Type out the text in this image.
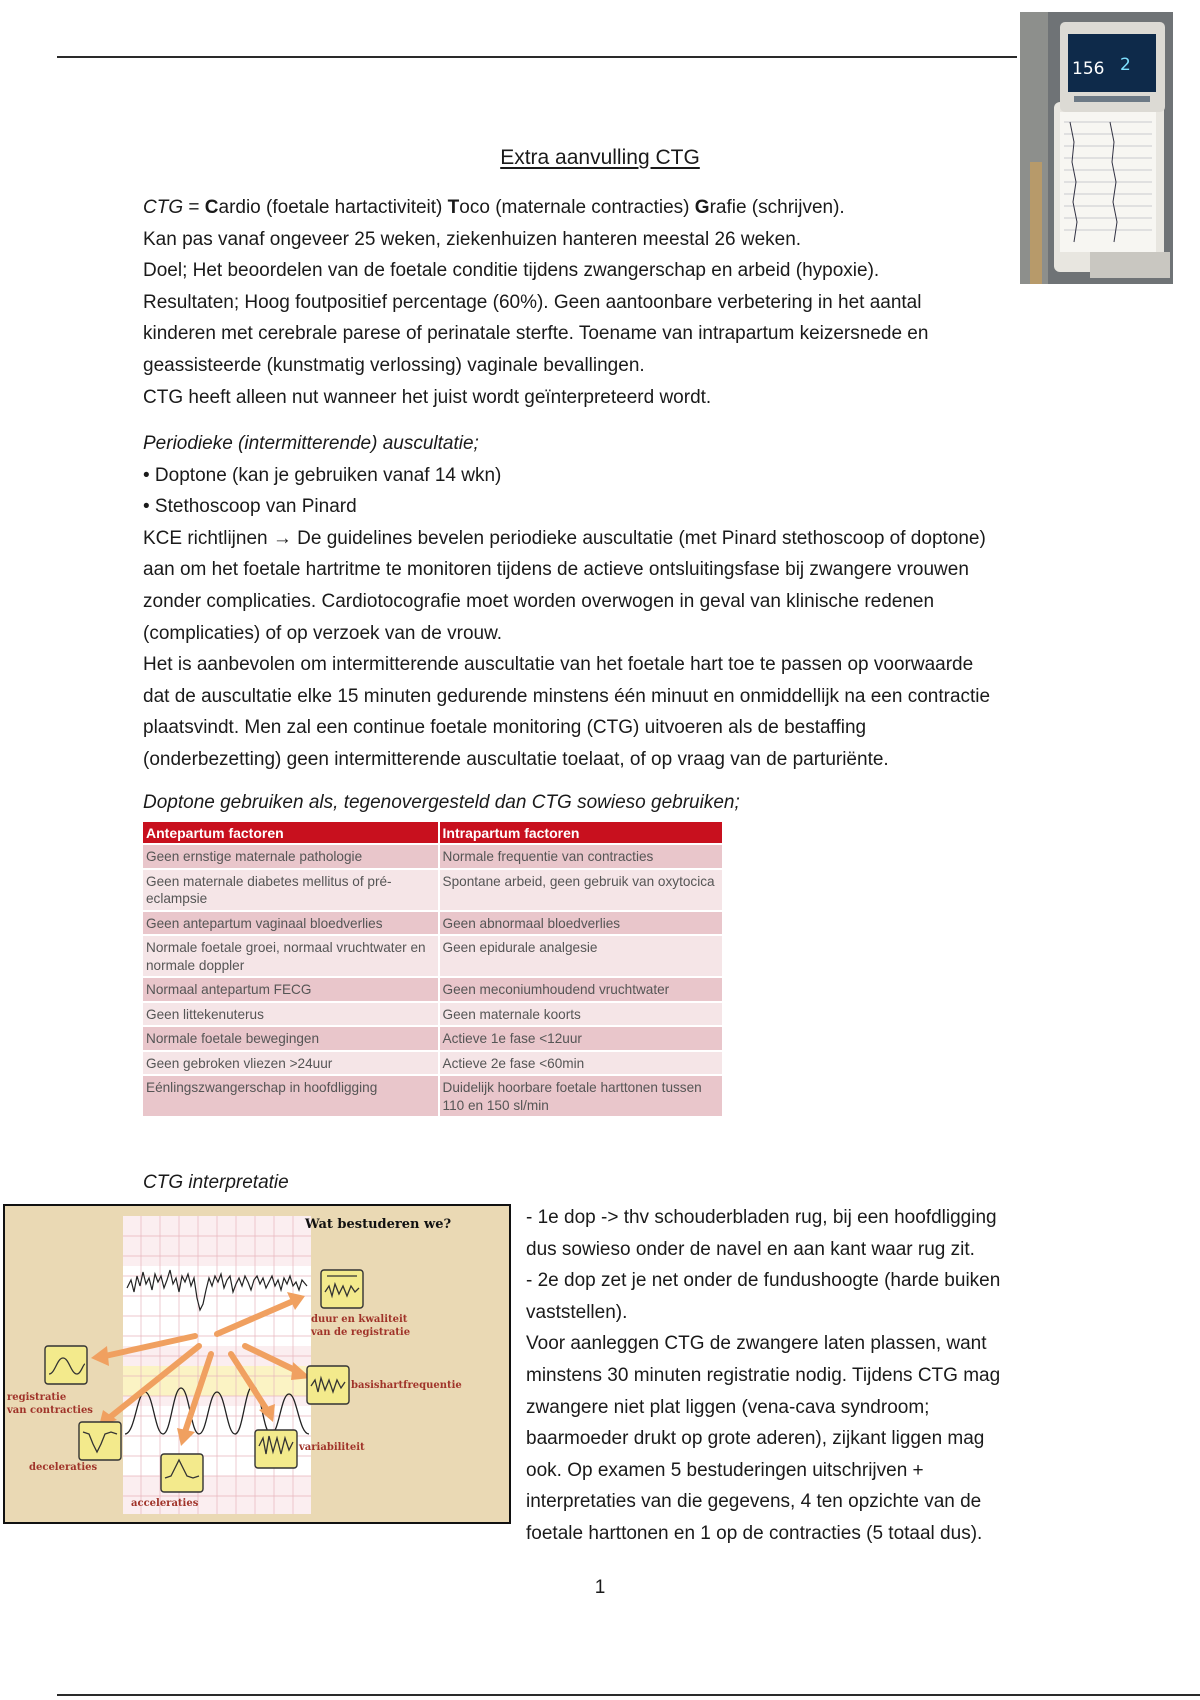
156 2
Extra aanvulling CTG

CTG = Cardio (foetale hartactiviteit) Toco (maternale contracties) Grafie (schrijven).

Kan pas vanaf ongeveer 25 weken, ziekenhuizen hanteren meestal 26 weken.

Doel; Het beoordelen van de foetale conditie tijdens zwangerschap en arbeid (hypoxie).

Resultaten; Hoog foutpositief percentage (60%). Geen aantoonbare verbetering in het aantal

kinderen met cerebrale parese of perinatale sterfte. Toename van intrapartum keizersnede en

geassisteerde (kunstmatig verlossing) vaginale bevallingen.

CTG heeft alleen nut wanneer het juist wordt geïnterpreteerd wordt.

Periodieke (intermitterende) auscultatie;

• Doptone (kan je gebruiken vanaf 14 wkn)

• Stethoscoop van Pinard

KCE richtlijnen → De guidelines bevelen periodieke auscultatie (met Pinard stethoscoop of doptone)

aan om het foetale hartritme te monitoren tijdens de actieve ontsluitingsfase bij zwangere vrouwen

zonder complicaties. Cardiotocografie moet worden overwogen in geval van klinische redenen

(complicaties) of op verzoek van de vrouw.

Het is aanbevolen om intermitterende auscultatie van het foetale hart toe te passen op voorwaarde

dat de auscultatie elke 15 minuten gedurende minstens één minuut en onmiddellijk na een contractie

plaatsvindt. Men zal een continue foetale monitoring (CTG) uitvoeren als de bestaffing

(onderbezetting) geen intermitterende auscultatie toelaat, of op vraag van de parturiënte.

Doptone gebruiken als, tegenovergesteld dan CTG sowieso gebruiken;
Antepartum factoren	Intrapartum factoren
Geen ernstige maternale pathologie	Normale frequentie van contracties
Geen maternale diabetes mellitus of pré-eclampsie	Spontane arbeid, geen gebruik van oxytocica
Geen antepartum vaginaal bloedverlies	Geen abnormaal bloedverlies
Normale foetale groei, normaal vruchtwater en normale doppler	Geen epidurale analgesie
Normaal antepartum FECG	Geen meconiumhoudend vruchtwater
Geen littekenuterus	Geen maternale koorts
Normale foetale bewegingen	Actieve 1e fase <12uur
Geen gebroken vliezen >24uur	Actieve 2e fase <60min
Eénlingszwangerschap in hoofdligging	Duidelijk hoorbare foetale harttonen tussen 110 en 150 sl/min
CTG interpretatie
Wat bestuderen we?
duur en kwaliteit
van de registratie
basishartfrequentie
variabiliteit
acceleraties
deceleraties
registratie
van contracties

- 1e dop -> thv schouderbladen rug, bij een hoofdligging

dus sowieso onder de navel en aan kant waar rug zit.

- 2e dop zet je net onder de fundushoogte (harde buiken

vaststellen).

Voor aanleggen CTG de zwangere laten plassen, want

minstens 30 minuten registratie nodig. Tijdens CTG mag

zwangere niet plat liggen (vena-cava syndroom;

baarmoeder drukt op grote aderen), zijkant liggen mag

ook. Op examen 5 bestuderingen uitschrijven +

interpretaties van die gegevens, 4 ten opzichte van de

foetale harttonen en 1 op de contracties (5 totaal dus).

1
